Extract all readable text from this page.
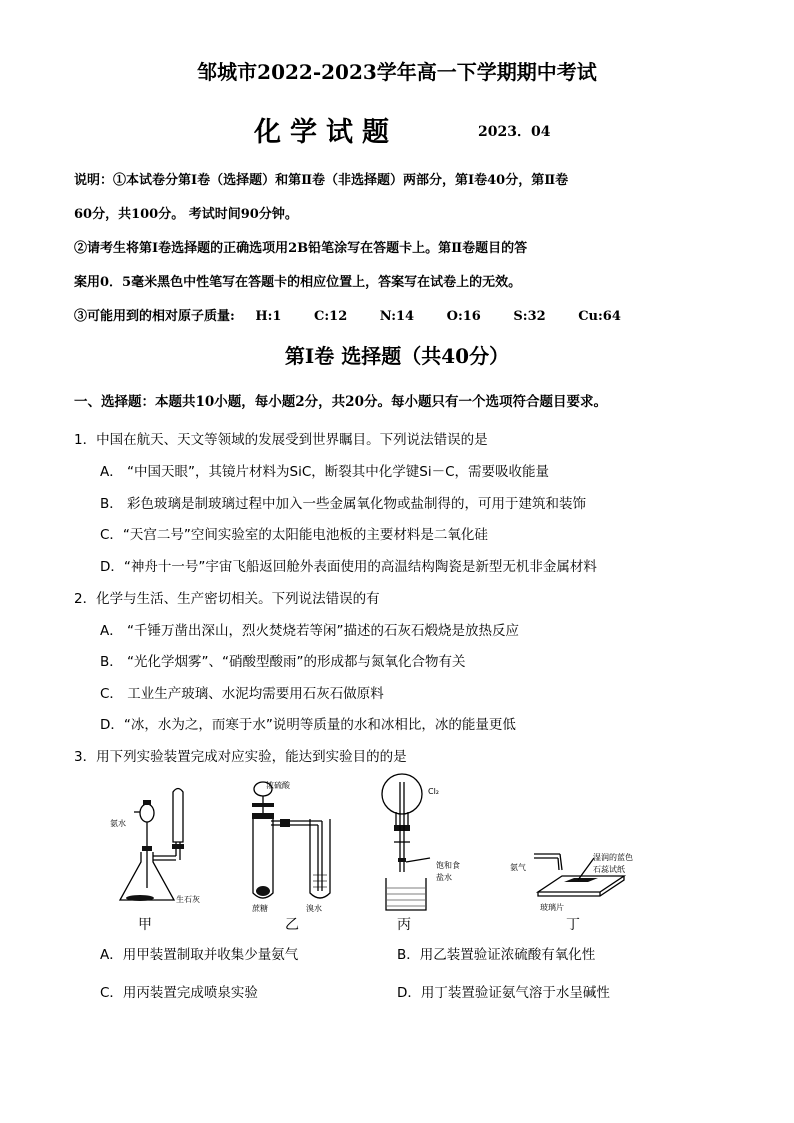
邹城市2022-2023学年高一下学期期中考试
化学试题	2023．04
说明：①本试卷分第Ⅰ卷（选择题）和第Ⅱ卷（非选择题）两部分，第Ⅰ卷40分，第Ⅱ卷
60分，共100分。 考试时间90分钟。
②请考生将第Ⅰ卷选择题的正确选项用2B铅笔涂写在答题卡上。第Ⅱ卷题目的答
案用0．5毫米黑色中性笔写在答题卡的相应位置上，答案写在试卷上的无效。
③可能用到的相对原子质量: H:1	C:12	N:14	O:16	S:32	Cu:64
第Ⅰ卷 选择题（共40分）
一、选择题：本题共10小题，每小题2分，共20分。每小题只有一个选项符合题目要求。
1．中国在航天、天文等领域的发展受到世界瞩目。下列说法错误的是
A． “中国天眼”，其镜片材料为SiC，断裂其中化学键Si－C，需要吸收能量
B． 彩色玻璃是制玻璃过程中加入一些金属氧化物或盐制得的，可用于建筑和装饰
C．“天宫二号”空间实验室的太阳能电池板的主要材料是二氧化硅
D．“神舟十一号”宇宙飞船返回舱外表面使用的高温结构陶瓷是新型无机非金属材料
2．化学与生活、生产密切相关。下列说法错误的有
A． “千锤万凿出深山，烈火焚烧若等闲”描述的石灰石煅烧是放热反应
B． “光化学烟雾”、“硝酸型酸雨”的形成都与氮氧化合物有关
C． 工业生产玻璃、水泥均需要用石灰石做原料
D．“冰，水为之，而寒于水”说明等质量的水和冰相比，冰的能量更低
3．用下列实验装置完成对应实验，能达到实验目的的是
氨水
生石灰
浓硫酸
蔗糖	溴水
Cl₂
饱和食
盐水
氨气
湿润的蓝色
石蕊试纸
玻璃片
甲	乙	丙	丁
A．用甲装置制取并收集少量氨气	B．用乙装置验证浓硫酸有氧化性
C．用丙装置完成喷泉实验	D．用丁装置验证氨气溶于水呈碱性
